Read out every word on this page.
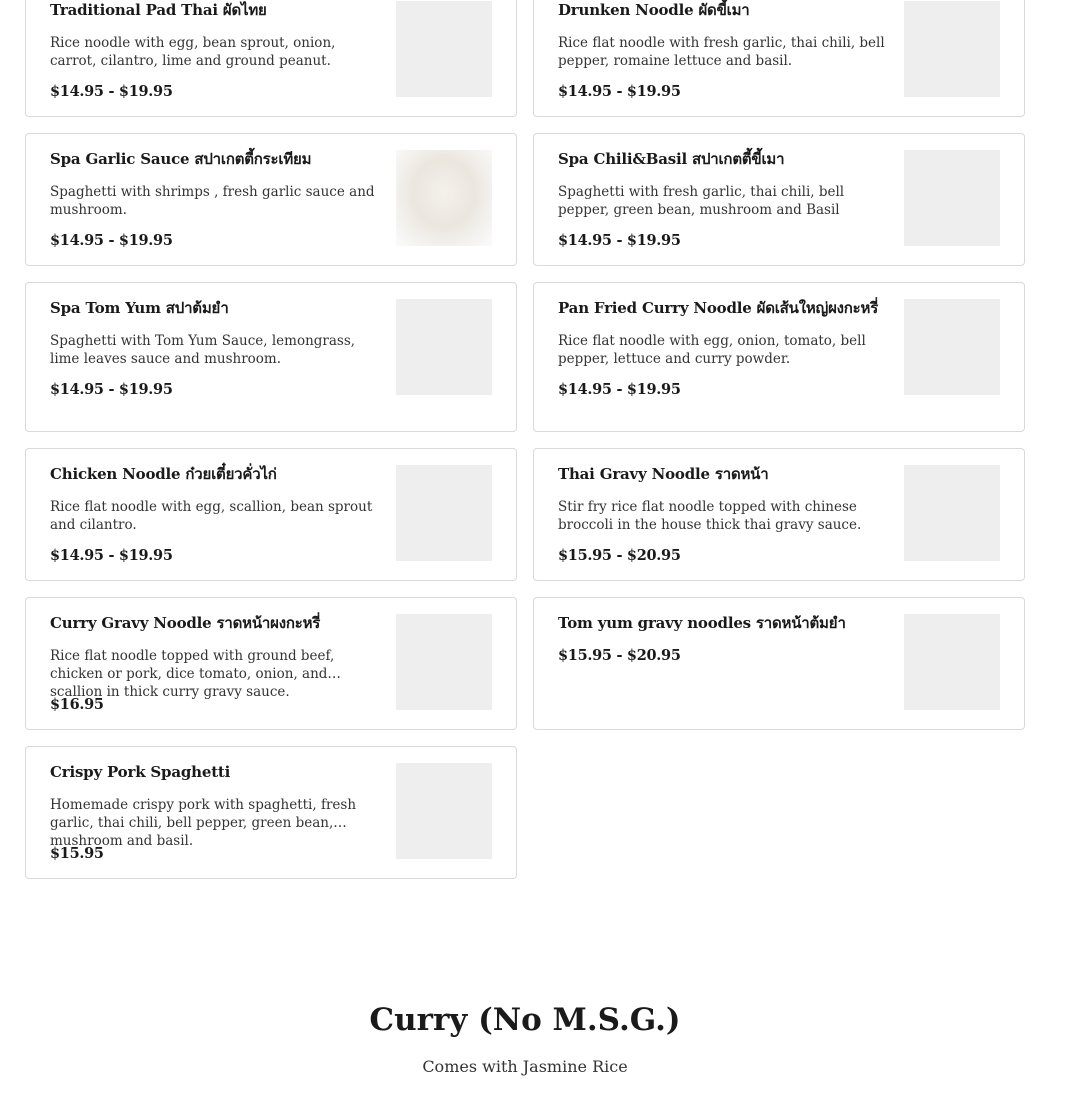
Traditional Pad Thai ผัดไทย
Rice noodle with egg, bean sprout, onion, carrot, cilantro, lime and ground peanut.
$14.95 - $19.95
Drunken Noodle ผัดขี้เมา
Rice flat noodle with fresh garlic, thai chili, bell pepper, romaine lettuce and basil.
$14.95 - $19.95
Spa Garlic Sauce สปาเกตตี้กระเทียม
Spaghetti with shrimps , fresh garlic sauce and mushroom.
$14.95 - $19.95
Spa Chili&Basil สปาเกตตี้ขี้เมา
Spaghetti with fresh garlic, thai chili, bell pepper, green bean, mushroom and Basil
$14.95 - $19.95
Spa Tom Yum สปาต้มยำ
Spaghetti with Tom Yum Sauce, lemongrass, lime leaves sauce and mushroom.
$14.95 - $19.95
Pan Fried Curry Noodle ผัดเส้นใหญ่ผงกะหรี่
Rice flat noodle with egg, onion, tomato, bell pepper, lettuce and curry powder.
$14.95 - $19.95
Chicken Noodle ก๋วยเตี๋ยวคั่วไก่
Rice flat noodle with egg, scallion, bean sprout and cilantro.
$14.95 - $19.95
Thai Gravy Noodle ราดหน้า
Stir fry rice flat noodle topped with chinese broccoli in the house thick thai gravy sauce.
$15.95 - $20.95
Curry Gravy Noodle ราดหน้าผงกะหรี่
Rice flat noodle topped with ground beef, chicken or pork, dice tomato, onion, and scallion in thick curry gravy sauce.
$16.95
Tom yum gravy noodles ราดหน้าต้มยำ
$15.95 - $20.95
Crispy Pork Spaghetti
Homemade crispy pork with spaghetti, fresh garlic, thai chili, bell pepper, green bean, mushroom and basil.
$15.95
Curry (No M.S.G.)
Comes with Jasmine Rice
